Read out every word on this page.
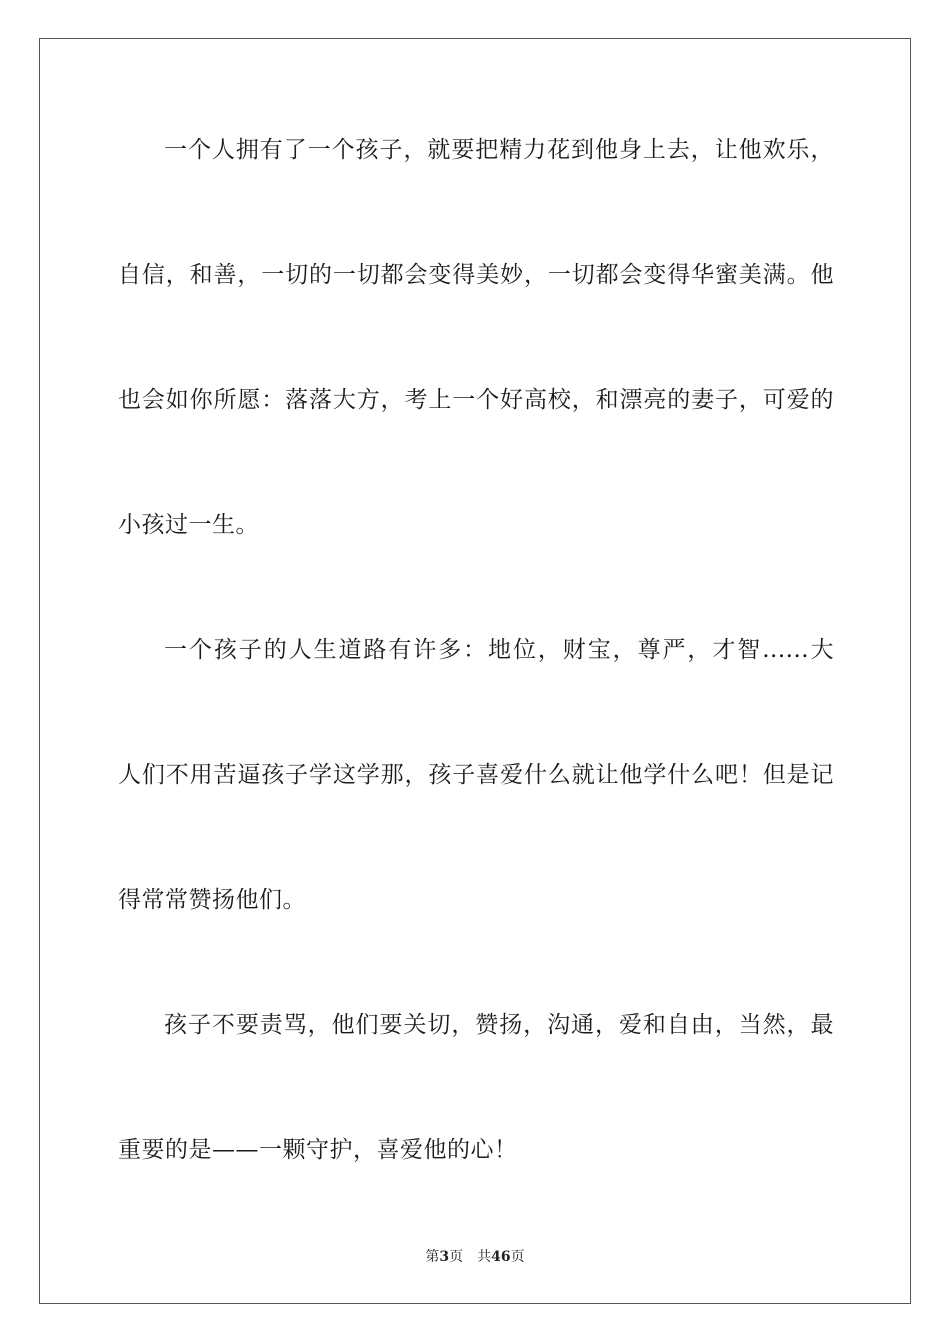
一个人拥有了一个孩子，就要把精力花到他身上去，让他欢乐，
自信，和善，一切的一切都会变得美妙，一切都会变得华蜜美满。他
也会如你所愿：落落大方，考上一个好高校，和漂亮的妻子，可爱的
小孩过一生。
一个孩子的人生道路有许多：地位，财宝，尊严，才智......大
人们不用苦逼孩子学这学那，孩子喜爱什么就让他学什么吧！但是记
得常常赞扬他们。
孩子不要责骂，他们要关切，赞扬，沟通，爱和自由，当然，最
重要的是——一颗守护，喜爱他的心！
第3页 共46页
